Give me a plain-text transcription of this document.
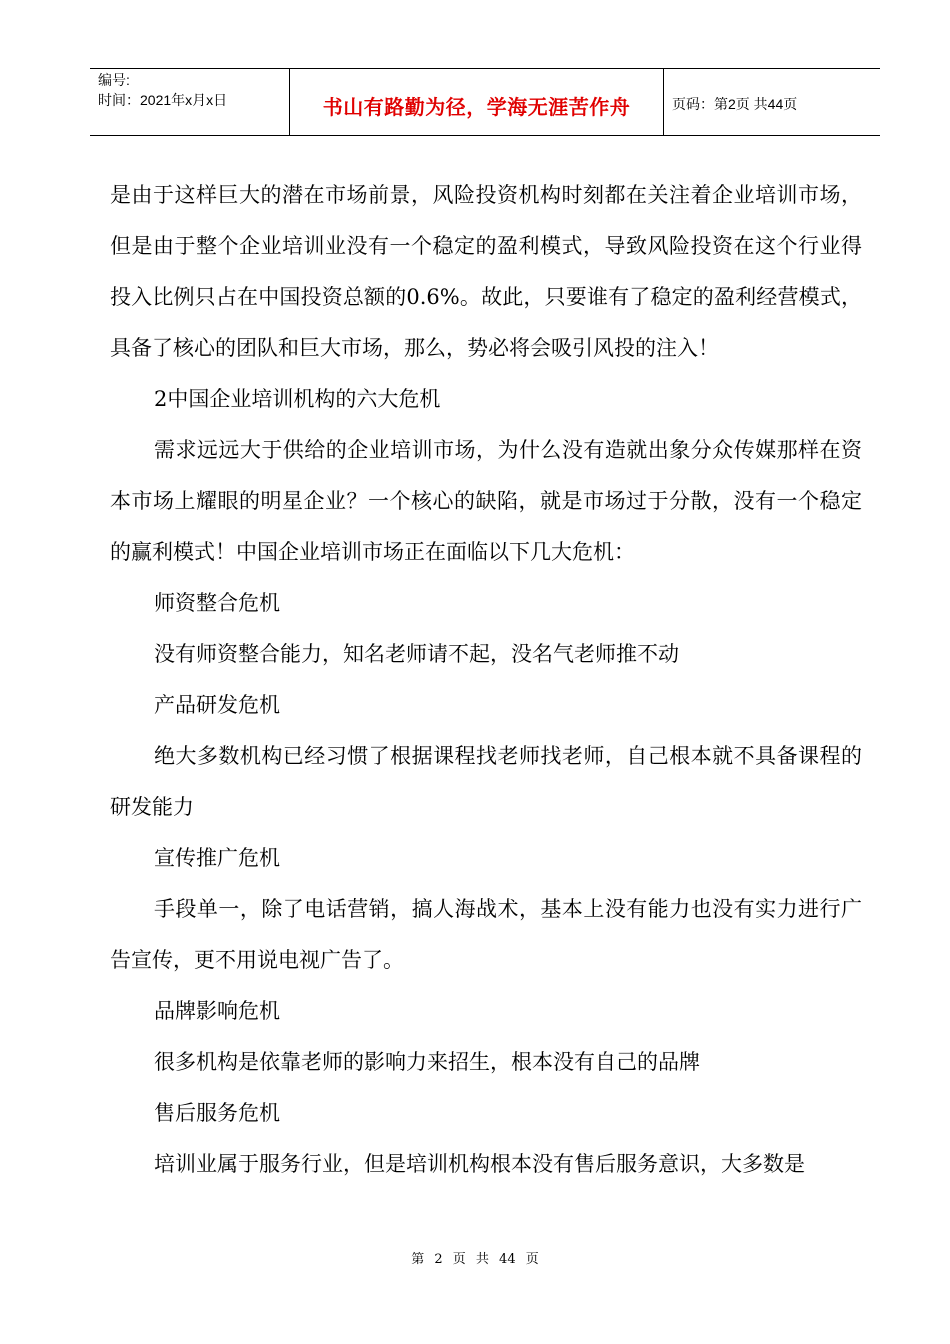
编号:
时间：2021年x月x日	书山有路勤为径，学海无涯苦作舟	页码：第2页 共44页

是由于这样巨大的潜在市场前景，风险投资机构时刻都在关注着企业培训市场，但是由于整个企业培训业没有一个稳定的盈利模式，导致风险投资在这个行业得投入比例只占在中国投资总额的0.6%。故此，只要谁有了稳定的盈利经营模式，具备了核心的团队和巨大市场，那么，势必将会吸引风投的注入！

2中国企业培训机构的六大危机

需求远远大于供给的企业培训市场，为什么没有造就出象分众传媒那样在资本市场上耀眼的明星企业？一个核心的缺陷，就是市场过于分散，没有一个稳定的赢利模式！中国企业培训市场正在面临以下几大危机：

师资整合危机

没有师资整合能力，知名老师请不起，没名气老师推不动

产品研发危机

绝大多数机构已经习惯了根据课程找老师找老师，自己根本就不具备课程的研发能力

宣传推广危机

手段单一，除了电话营销，搞人海战术，基本上没有能力也没有实力进行广告宣传，更不用说电视广告了。

品牌影响危机

很多机构是依靠老师的影响力来招生，根本没有自己的品牌

售后服务危机

培训业属于服务行业，但是培训机构根本没有售后服务意识，大多数是

第 2 页 共 44 页
